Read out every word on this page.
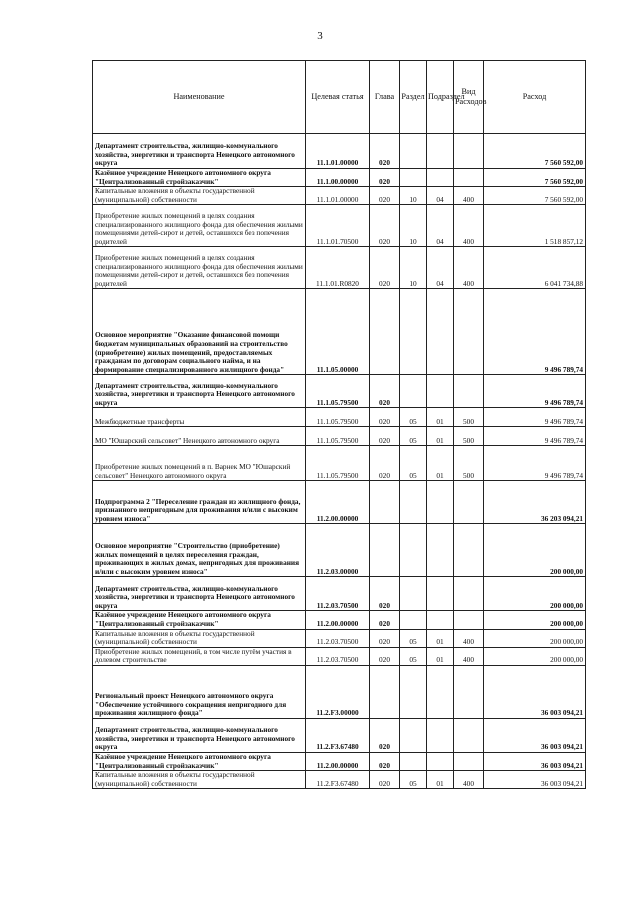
3
Наименование	Целевая статья	Глава	Раздел	Подраздел	Вид Расходов	Расход
Департамент строительства, жилищно-коммунального хозяйства, энергетики и транспорта Ненецкого автономного округа	11.1.01.00000	020				7 560 592,00
Казённое учреждение Ненецкого автономного округа "Централизованный стройзаказчик"	11.1.00.00000	020				7 560 592,00
Капитальные вложения в объекты государственной (муниципальной) собственности	11.1.01.00000	020	10	04	400	7 560 592,00
Приобретение жилых помещений в целях создания специализированного жилищного фонда для обеспечения жилыми помещениями детей-сирот и детей, оставшихся без попечения родителей	11.1.01.70500	020	10	04	400	1 518 857,12
Приобретение жилых помещений в целях создания специализированного жилищного фонда для обеспечения жилыми помещениями детей-сирот и детей, оставшихся без попечения родителей	11.1.01.R0820	020	10	04	400	6 041 734,88
Основное мероприятие "Оказание финансовой помощи бюджетам муниципальных образований на строительство (приобретение) жилых помещений, предоставляемых гражданам по договорам социального найма, и на формирование специализированного жилищного фонда"	11.1.05.00000					9 496 789,74
Департамент строительства, жилищно-коммунального хозяйства, энергетики и транспорта Ненецкого автономного округа	11.1.05.79500	020				9 496 789,74
Межбюджетные трансферты	11.1.05.79500	020	05	01	500	9 496 789,74
МО "Юшарский сельсовет" Ненецкого автономного округа	11.1.05.79500	020	05	01	500	9 496 789,74
Приобретение жилых помещений в п. Варнек МО "Юшарский сельсовет" Ненецкого автономного округа	11.1.05.79500	020	05	01	500	9 496 789,74
Подпрограмма 2 "Переселение граждан из жилищного фонда, признанного непригодным для проживания и/или с высоким уровнем износа"	11.2.00.00000					36 203 094,21
Основное мероприятие "Строительство (приобретение) жилых помещений в целях переселения граждан, проживающих в жилых домах, непригодных для проживания и/или с высоким уровнем износа"	11.2.03.00000					200 000,00
Департамент строительства, жилищно-коммунального хозяйства, энергетики и транспорта Ненецкого автономного округа	11.2.03.70500	020				200 000,00
Казённое учреждение Ненецкого автономного округа "Централизованный стройзаказчик"	11.2.00.00000	020				200 000,00
Капитальные вложения в объекты государственной (муниципальной) собственности	11.2.03.70500	020	05	01	400	200 000,00
Приобретение жилых помещений, в том числе путём участия в долевом строительстве	11.2.03.70500	020	05	01	400	200 000,00
Региональный проект Ненецкого автономного округа "Обеспечение устойчивого сокращения непригодного для проживания жилищного фонда"	11.2.F3.00000					36 003 094,21
Департамент строительства, жилищно-коммунального хозяйства, энергетики и транспорта Ненецкого автономного округа	11.2.F3.67480	020				36 003 094,21
Казённое учреждение Ненецкого автономного округа "Централизованный стройзаказчик"	11.2.00.00000	020				36 003 094,21
Капитальные вложения в объекты государственной (муниципальной) собственности	11.2.F3.67480	020	05	01	400	36 003 094,21
